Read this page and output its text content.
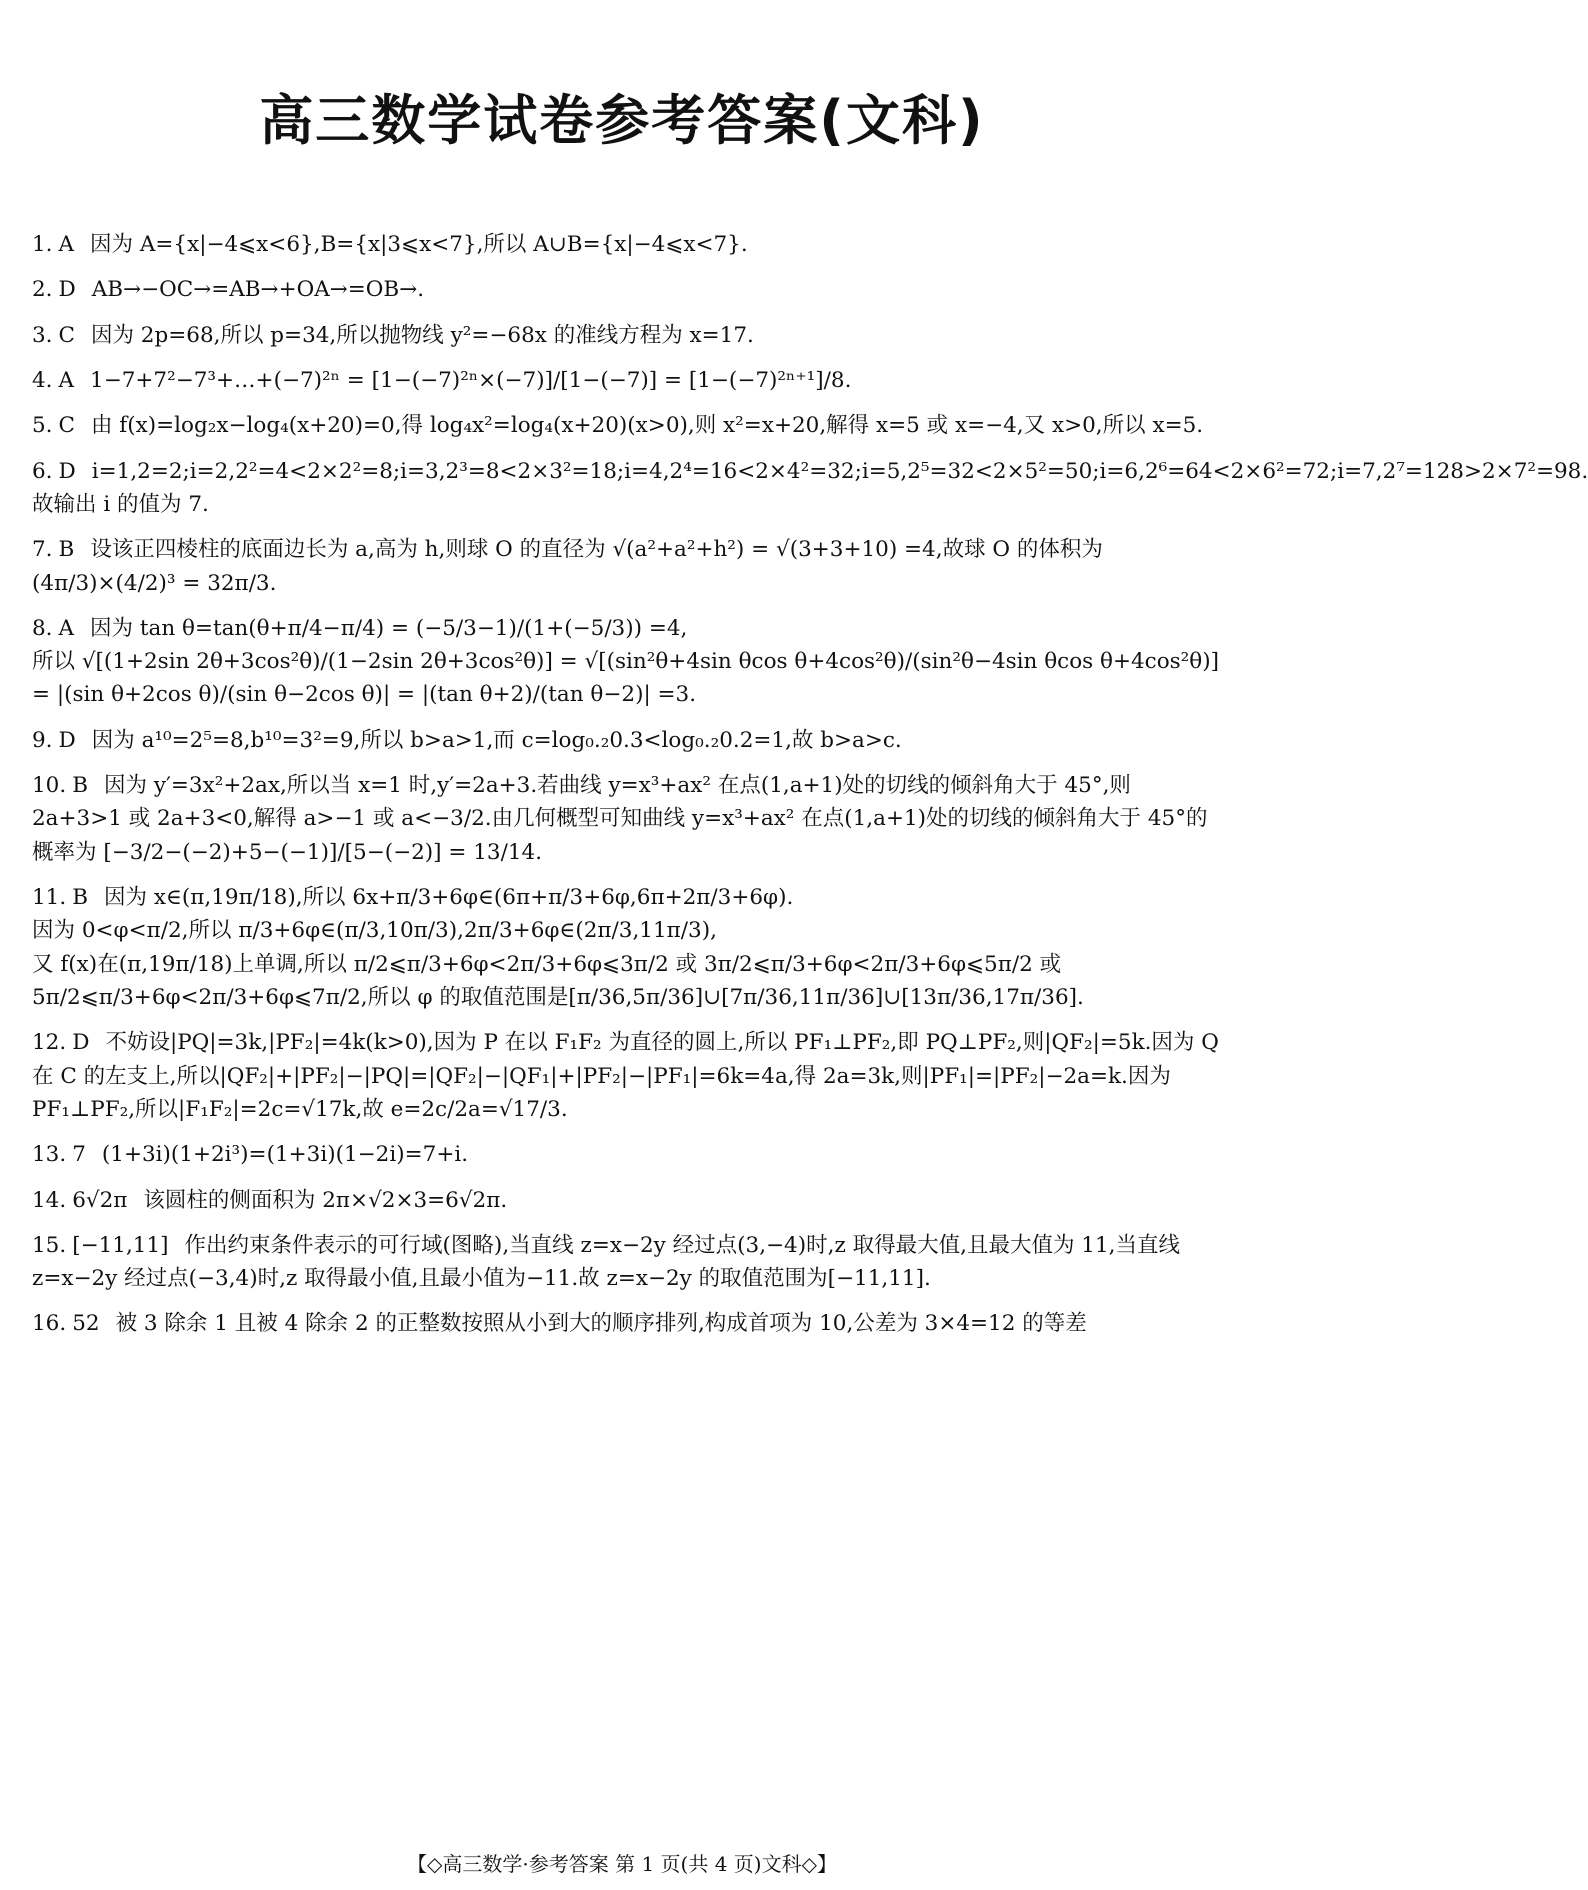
高三数学试卷参考答案(文科)
1. A 因为 A={x|−4⩽x<6},B={x|3⩽x<7},所以 A∪B={x|−4⩽x<7}.
2. D AB→−OC→=AB→+OA→=OB→.
3. C 因为 2p=68,所以 p=34,所以抛物线 y²=−68x 的准线方程为 x=17.
4. A 1−7+7²−7³+…+(−7)²ⁿ = [1−(−7)²ⁿ×(−7)]/[1−(−7)] = [1−(−7)²ⁿ⁺¹]/8.
5. C 由 f(x)=log₂x−log₄(x+20)=0,得 log₄x²=log₄(x+20)(x>0),则 x²=x+20,解得 x=5 或 x=−4,又 x>0,所以 x=5.
6. D i=1,2=2;i=2,2²=4<2×2²=8;i=3,2³=8<2×3²=18;i=4,2⁴=16<2×4²=32;i=5,2⁵=32<2×5²=50;i=6,2⁶=64<2×6²=72;i=7,2⁷=128>2×7²=98.故输出 i 的值为 7.
7. B 设该正四棱柱的底面边长为 a,高为 h,则球 O 的直径为 √(a²+a²+h²) = √(3+3+10) =4,故球 O 的体积为 (4π/3)×(4/2)³ = 32π/3.
8. A 因为 tan θ=tan(θ+π/4−π/4) = (−5/3−1)/(1+(−5/3)) =4,
所以 √[(1+2sin 2θ+3cos²θ)/(1−2sin 2θ+3cos²θ)] = √[(sin²θ+4sin θcos θ+4cos²θ)/(sin²θ−4sin θcos θ+4cos²θ)] = |(sin θ+2cos θ)/(sin θ−2cos θ)| = |(tan θ+2)/(tan θ−2)| =3.
9. D 因为 a¹⁰=2⁵=8,b¹⁰=3²=9,所以 b>a>1,而 c=log₀.₂0.3<log₀.₂0.2=1,故 b>a>c.
10. B 因为 y′=3x²+2ax,所以当 x=1 时,y′=2a+3.若曲线 y=x³+ax² 在点(1,a+1)处的切线的倾斜角大于 45°,则 2a+3>1 或 2a+3<0,解得 a>−1 或 a<−3/2.由几何概型可知曲线 y=x³+ax² 在点(1,a+1)处的切线的倾斜角大于 45°的概率为 [−3/2−(−2)+5−(−1)]/[5−(−2)] = 13/14.
11. B 因为 x∈(π,19π/18),所以 6x+π/3+6φ∈(6π+π/3+6φ,6π+2π/3+6φ).
因为 0<φ<π/2,所以 π/3+6φ∈(π/3,10π/3),2π/3+6φ∈(2π/3,11π/3),
又 f(x)在(π,19π/18)上单调,所以 π/2⩽π/3+6φ<2π/3+6φ⩽3π/2 或 3π/2⩽π/3+6φ<2π/3+6φ⩽5π/2 或 5π/2⩽π/3+6φ<2π/3+6φ⩽7π/2,所以 φ 的取值范围是[π/36,5π/36]∪[7π/36,11π/36]∪[13π/36,17π/36].
12. D 不妨设|PQ|=3k,|PF₂|=4k(k>0),因为 P 在以 F₁F₂ 为直径的圆上,所以 PF₁⊥PF₂,即 PQ⊥PF₂,则|QF₂|=5k.因为 Q 在 C 的左支上,所以|QF₂|+|PF₂|−|PQ|=|QF₂|−|QF₁|+|PF₂|−|PF₁|=6k=4a,得 2a=3k,则|PF₁|=|PF₂|−2a=k.因为 PF₁⊥PF₂,所以|F₁F₂|=2c=√17k,故 e=2c/2a=√17/3.
13. 7 (1+3i)(1+2i³)=(1+3i)(1−2i)=7+i.
14. 6√2π 该圆柱的侧面积为 2π×√2×3=6√2π.
15. [−11,11] 作出约束条件表示的可行域(图略),当直线 z=x−2y 经过点(3,−4)时,z 取得最大值,且最大值为 11,当直线 z=x−2y 经过点(−3,4)时,z 取得最小值,且最小值为−11.故 z=x−2y 的取值范围为[−11,11].
16. 52 被 3 除余 1 且被 4 除余 2 的正整数按照从小到大的顺序排列,构成首项为 10,公差为 3×4=12 的等差
【◇高三数学·参考答案 第 1 页(共 4 页)文科◇】
